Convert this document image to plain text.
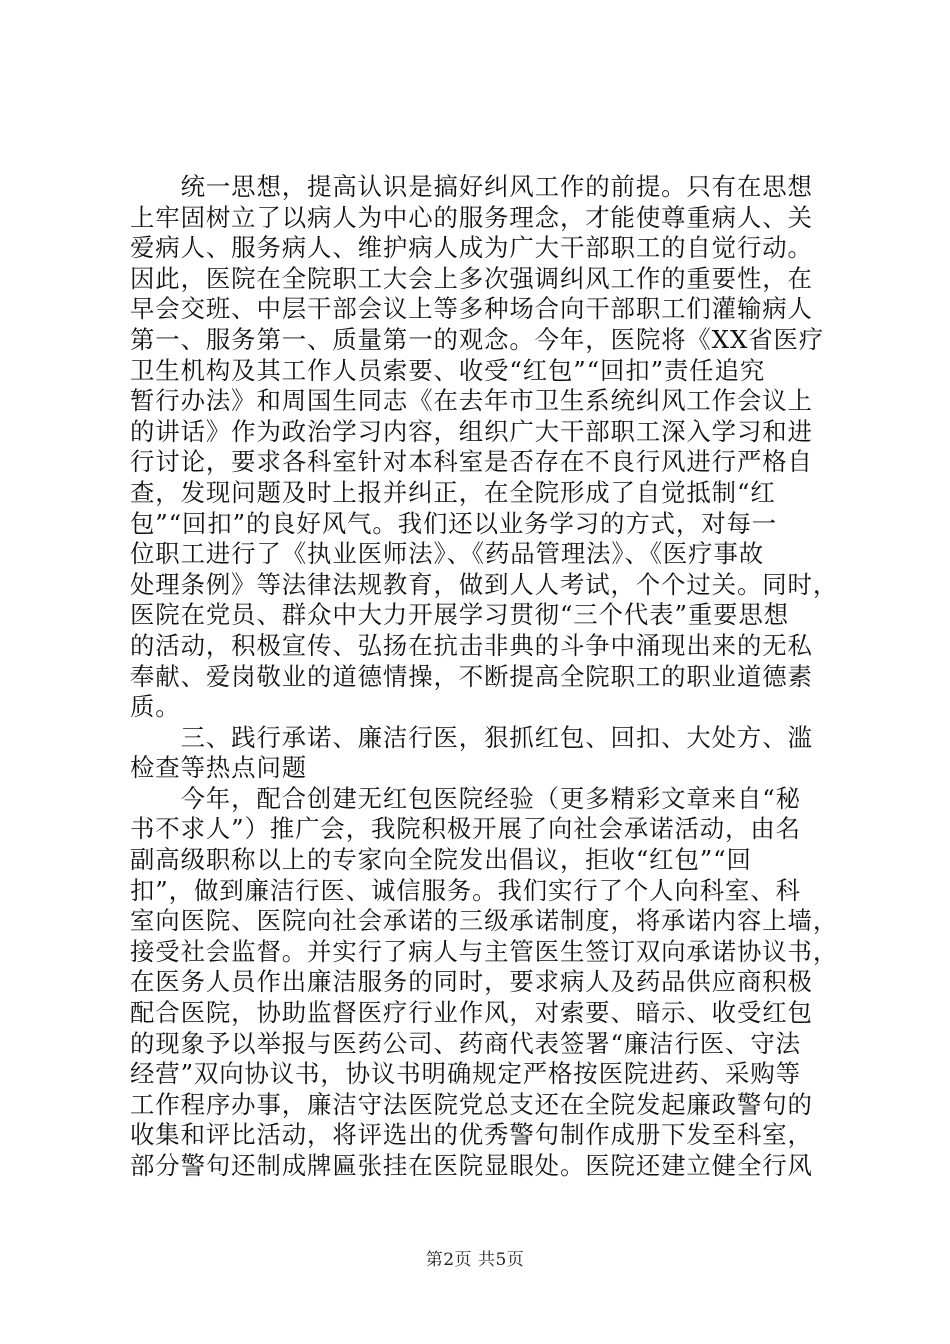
　　统一思想，提高认识是搞好纠风工作的前提。只有在思想
上牢固树立了以病人为中心的服务理念，才能使尊重病人、关
爱病人、服务病人、维护病人成为广大干部职工的自觉行动。
因此，医院在全院职工大会上多次强调纠风工作的重要性，在
早会交班、中层干部会议上等多种场合向干部职工们灌输病人
第一、服务第一、质量第一的观念。今年，医院将《XX省医疗
卫生机构及其工作人员索要、收受“红包”“回扣”责任追究
暂行办法》和周国生同志《在去年市卫生系统纠风工作会议上
的讲话》作为政治学习内容，组织广大干部职工深入学习和进
行讨论，要求各科室针对本科室是否存在不良行风进行严格自
查，发现问题及时上报并纠正，在全院形成了自觉抵制“红
包”“回扣”的良好风气。我们还以业务学习的方式，对每一
位职工进行了《执业医师法》、《药品管理法》、《医疗事故
处理条例》等法律法规教育，做到人人考试，个个过关。同时，
医院在党员、群众中大力开展学习贯彻“三个代表”重要思想
的活动，积极宣传、弘扬在抗击非典的斗争中涌现出来的无私
奉献、爱岗敬业的道德情操，不断提高全院职工的职业道德素
质。
　　三、践行承诺、廉洁行医，狠抓红包、回扣、大处方、滥
检查等热点问题
　　今年，配合创建无红包医院经验（更多精彩文章来自“秘
书不求人”）推广会，我院积极开展了向社会承诺活动，由名
副高级职称以上的专家向全院发出倡议，拒收“红包”“回
扣”，做到廉洁行医、诚信服务。我们实行了个人向科室、科
室向医院、医院向社会承诺的三级承诺制度，将承诺内容上墙，
接受社会监督。并实行了病人与主管医生签订双向承诺协议书，
在医务人员作出廉洁服务的同时，要求病人及药品供应商积极
配合医院，协助监督医疗行业作风，对索要、暗示、收受红包
的现象予以举报与医药公司、药商代表签署“廉洁行医、守法
经营”双向协议书，协议书明确规定严格按医院进药、采购等
工作程序办事，廉洁守法医院党总支还在全院发起廉政警句的
收集和评比活动，将评选出的优秀警句制作成册下发至科室，
部分警句还制成牌匾张挂在医院显眼处。医院还建立健全行风
第2页 共5页
